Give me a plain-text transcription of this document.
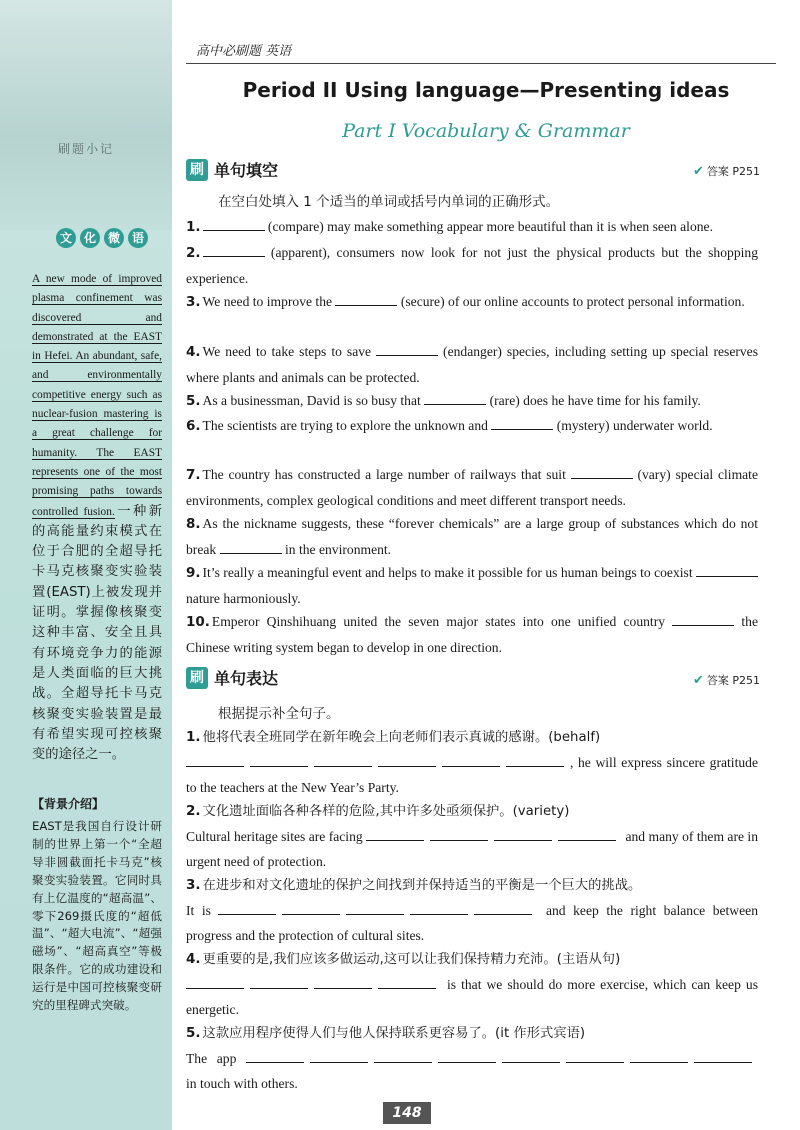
刷题小记
文 化 微 语
A new mode of improved plasma confinement was discovered and demonstrated at the EAST in Hefei. An abundant, safe, and environmentally competitive energy such as nuclear-fusion mastering is a great challenge for humanity. The EAST represents one of the most promising paths towards controlled fusion.一种新的高能量约束模式在位于合肥的全超导托卡马克核聚变实验装置(EAST)上被发现并证明。掌握像核聚变这种丰富、安全且具有环境竞争力的能源是人类面临的巨大挑战。全超导托卡马克核聚变实验装置是最有希望实现可控核聚变的途径之一。
【背景介绍】
EAST是我国自行设计研制的世界上第一个“全超导非圆截面托卡马克”核聚变实验装置。它同时具有上亿温度的“超高温”、零下269摄氏度的“超低温”、“超大电流”、“超强磁场”、“超高真空”等极限条件。它的成功建设和运行是中国可控核聚变研究的里程碑式突破。
高中必刷题 英语
Period II Using language—Presenting ideas
Part I Vocabulary & Grammar
刷 单句填空	✔ 答案 P251
在空白处填入 1 个适当的单词或括号内单词的正确形式。
1.	(compare) may make something appear more beautiful than it is when seen alone.
2.	(apparent), consumers now look for not just the physical products but the shopping experience.
3. We need to improve the	(secure) of our online accounts to protect personal information.
4. We need to take steps to save	(endanger) species, including setting up special reserves where plants and animals can be protected.
5. As a businessman, David is so busy that	(rare) does he have time for his family.
6. The scientists are trying to explore the unknown and	(mystery) underwater world.
7. The country has constructed a large number of railways that suit	(vary) special climate environments, complex geological conditions and meet different transport needs.
8. As the nickname suggests, these “forever chemicals” are a large group of substances which do not break	in the environment.
9. It’s really a meaningful event and helps to make it possible for us human beings to coexist  nature harmoniously.
10. Emperor Qinshihuang united the seven major states into one unified country	the Chinese writing system began to develop in one direction.
刷 单句表达	✔ 答案 P251
根据提示补全句子。
1. 他将代表全班同学在新年晚会上向老师们表示真诚的感谢。(behalf)
, he will express sincere gratitude to the teachers at the New Year’s Party.
2. 文化遗址面临各种各样的危险,其中许多处亟须保护。(variety)
Cultural heritage sites are facing	and many of them are in urgent need of protection.
3. 在进步和对文化遗址的保护之间找到并保持适当的平衡是一个巨大的挑战。
It is	and keep the right balance between progress and the protection of cultural sites.
4. 更重要的是,我们应该多做运动,这可以让我们保持精力充沛。(主语从句)
is that we should do more exercise, which can keep us energetic.
5. 这款应用程序使得人们与他人保持联系更容易了。(it 作形式宾语)
The app  in touch with others.
148
